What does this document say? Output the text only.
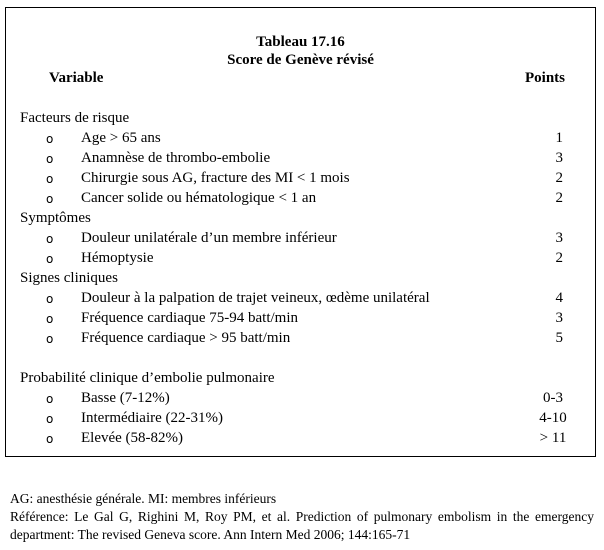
Tableau 17.16
Score de Genève révisé
Variable	Points
Facteurs de risque
o Age > 65 ans	1
o Anamnèse de thrombo-embolie	3
o Chirurgie sous AG, fracture des MI < 1 mois	2
o Cancer solide ou hématologique < 1 an	2
Symptômes
o Douleur unilatérale d’un membre inférieur	3
o Hémoptysie	2
Signes cliniques
o Douleur à la palpation de trajet veineux, œdème unilatéral	4
o Fréquence cardiaque 75-94 batt/min	3
o Fréquence cardiaque > 95 batt/min	5
Probabilité clinique d’embolie pulmonaire
o Basse (7-12%)	0-3
o Intermédiaire (22-31%)	4-10
o Elevée (58-82%)	> 11
AG: anesthésie générale. MI: membres inférieurs
Référence: Le Gal G, Righini M, Roy PM, et al. Prediction of pulmonary embolism in the emergency department: The revised Geneva score. Ann Intern Med 2006; 144:165-71
